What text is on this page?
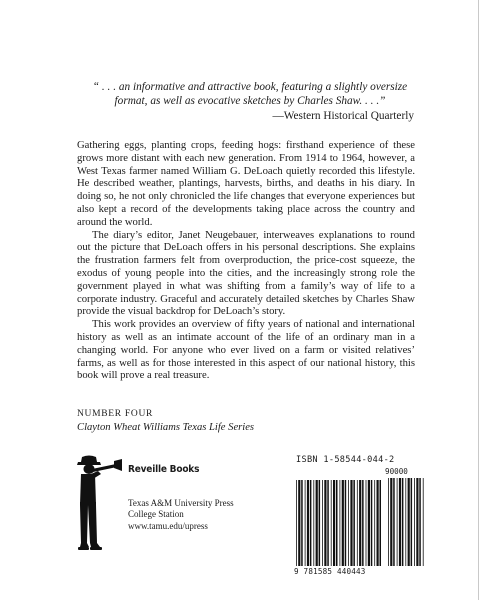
“ . . . an informative and attractive book, featuring a slightly oversize format, as well as evocative sketches by Charles Shaw. . . .”
—Western Historical Quarterly

Gathering eggs, planting crops, feeding hogs: firsthand experience of these grows more distant with each new generation. From 1914 to 1964, however, a West Texas farmer named William G. DeLoach quietly recorded this lifestyle. He described weather, plantings, harvests, births, and deaths in his diary. In doing so, he not only chronicled the life changes that everyone experiences but also kept a record of the developments taking place across the country and around the world.

The diary’s editor, Janet Neugebauer, interweaves explanations to round out the picture that DeLoach offers in his personal descriptions. She explains the frustration farmers felt from overproduction, the price-cost squeeze, the exodus of young people into the cities, and the increasingly strong role the government played in what was shifting from a family’s way of life to a corporate industry. Graceful and accurately detailed sketches by Charles Shaw provide the visual backdrop for DeLoach’s story.

This work provides an overview of fifty years of national and international history as well as an intimate account of the life of an ordinary man in a changing world. For anyone who ever lived on a farm or visited relatives’ farms, as well as for those interested in this aspect of our national history, this book will prove a real treasure.

NUMBER FOUR
Clayton Wheat Williams Texas Life Series
Reveille Books
Texas A&M University Press
College Station
www.tamu.edu/upress
ISBN 1-58544-044-2
90000
9 781585 440443
